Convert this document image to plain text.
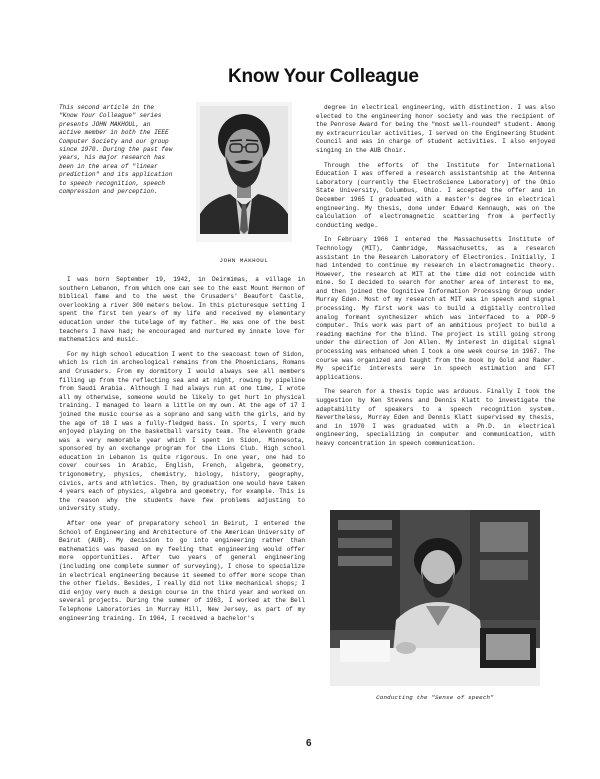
Know Your Colleague
This second article in the "Know Your Colleague" series presents JOHN MAKHOUL, an active member in both the IEEE Computer Society and our group since 1970. During the past few years, his major research has been in the area of "linear prediction" and its application to speech recognition, speech compression and perception.
JOHN MAKHOUL

I was born September 19, 1942, in Deirmimas, a village in southern Lebanon, from which one can see to the east Mount Hermon of biblical fame and to the west the Crusaders' Beaufort Castle, overlooking a river 300 meters below. In this picturesque setting I spent the first ten years of my life and received my elementary education under the tutelage of my father. He was one of the best teachers I have had; he encouraged and nurtured my innate love for mathematics and music.

For my high school education I went to the seacoast town of Sidon, which is rich in archeological remains from the Phoenicians, Romans and Crusaders. From my dormitory I would always see all members filling up from the reflecting sea and at night, rowing by pipeline from Saudi Arabia. Although I had always run at one time, I wrote all my otherwise, someone would be likely to get hurt in physical training. I managed to learn a little on my own. At the age of 17 I joined the music course as a soprano and sang with the girls, and by the age of 18 I was a fully-fledged bass. In sports, I very much enjoyed playing on the basketball varsity team. The eleventh grade was a very memorable year which I spent in Sidon, Minnesota, sponsored by an exchange program for the Lions Club. High school education in Lebanon is quite rigorous. In one year, one had to cover courses in Arabic, English, French, algebra, geometry, trigonometry, physics, chemistry, biology, history, geography, civics, arts and athletics. Then, by graduation one would have taken 4 years each of physics, algebra and geometry, for example. This is the reason why the students have few problems adjusting to university study.

After one year of preparatory school in Beirut, I entered the School of Engineering and Architecture of the American University of Beirut (AUB). My decision to go into engineering rather than mathematics was based on my feeling that engineering would offer more opportunities. After two years of general engineering (including one complete summer of surveying), I chose to specialize in electrical engineering because it seemed to offer more scope than the other fields. Besides, I really did not like mechanical shops; I did enjoy very much a design course in the third year and worked on several projects. During the summer of 1963, I worked at the Bell Telephone Laboratories in Murray Hill, New Jersey, as part of my engineering training. In 1964, I received a bachelor's

degree in electrical engineering, with distinction. I was also elected to the engineering honor society and was the recipient of the Penrose Award for being the "most well-rounded" student. Among my extracurricular activities, I served on the Engineering Student Council and was in charge of student activities. I also enjoyed singing in the AUB Choir.

Through the efforts of the Institute for International Education I was offered a research assistantship at the Antenna Laboratory (currently the ElectroScience Laboratory) of the Ohio State University, Columbus, Ohio. I accepted the offer and in December 1965 I graduated with a master's degree in electrical engineering. My thesis, done under Edward Kennaugh, was on the calculation of electromagnetic scattering from a perfectly conducting wedge.

In February 1966 I entered the Massachusetts Institute of Technology (MIT), Cambridge, Massachusetts, as a research assistant in the Research Laboratory of Electronics. Initially, I had intended to continue my research in electromagnetic theory. However, the research at MIT at the time did not coincide with mine. So I decided to search for another area of interest to me, and then joined the Cognitive Information Processing Group under Murray Eden. Most of my research at MIT was in speech and signal processing. My first work was to build a digitally controlled analog formant synthesizer which was interfaced to a PDP-9 computer. This work was part of an ambitious project to build a reading machine for the blind. The project is still going strong under the direction of Jon Allen. My interest in digital signal processing was enhanced when I took a one week course in 1967. The course was organized and taught from the book by Gold and Rader. My specific interests were in speech estimation and FFT applications.

The search for a thesis topic was arduous. Finally I took the suggestion by Ken Stevens and Dennis Klatt to investigate the adaptability of speakers to a speech recognition system. Nevertheless, Murray Eden and Dennis Klatt supervised my thesis, and in 1970 I was graduated with a Ph.D. in electrical engineering, specializing in computer and communication, with heavy concentration in speech communication.

Conducting the "Sense of speech"
6
